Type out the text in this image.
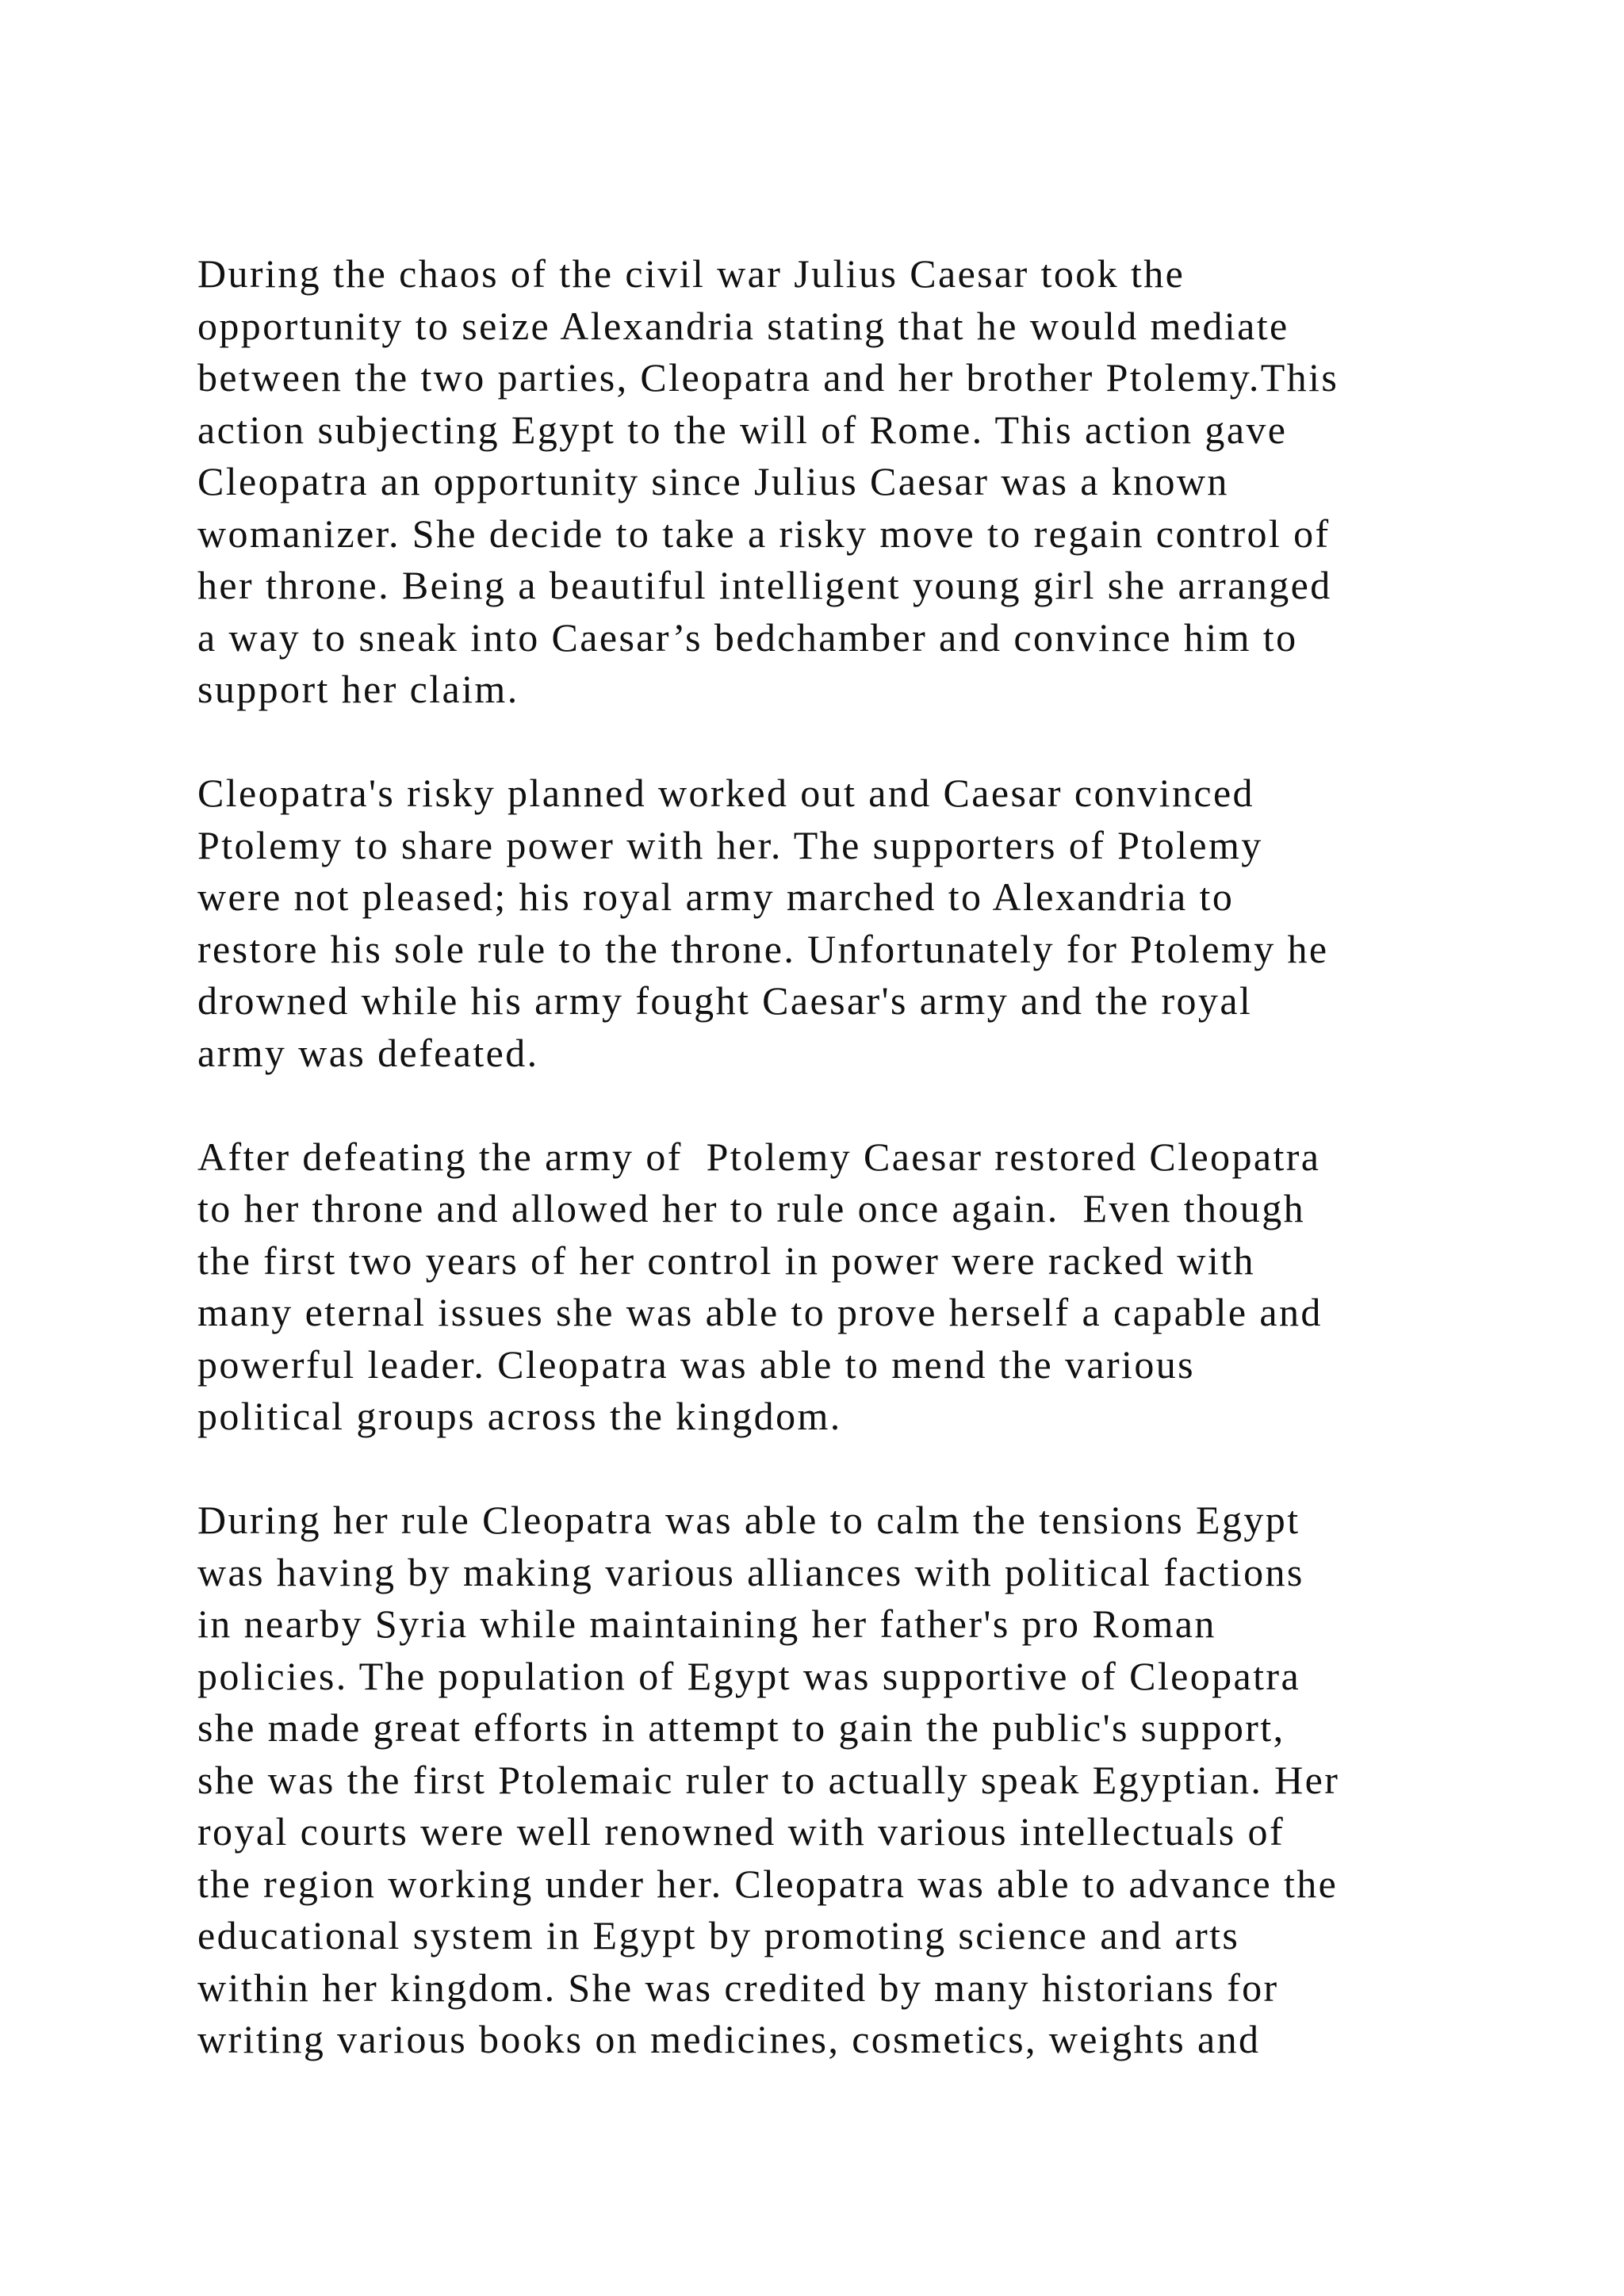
During the chaos of the civil war Julius Caesar took the
opportunity to seize Alexandria stating that he would mediate
between the two parties, Cleopatra and her brother Ptolemy.This
action subjecting Egypt to the will of Rome. This action gave
Cleopatra an opportunity since Julius Caesar was a known
womanizer. She decide to take a risky move to regain control of
her throne. Being a beautiful intelligent young girl she arranged
a way to sneak into Caesar’s bedchamber and convince him to
support her claim.

Cleopatra's risky planned worked out and Caesar convinced
Ptolemy to share power with her. The supporters of Ptolemy
were not pleased; his royal army marched to Alexandria to
restore his sole rule to the throne. Unfortunately for Ptolemy he
drowned while his army fought Caesar's army and the royal
army was defeated.

After defeating the army of  Ptolemy Caesar restored Cleopatra
to her throne and allowed her to rule once again.  Even though
the first two years of her control in power were racked with
many eternal issues she was able to prove herself a capable and
powerful leader. Cleopatra was able to mend the various
political groups across the kingdom.

During her rule Cleopatra was able to calm the tensions Egypt
was having by making various alliances with political factions
in nearby Syria while maintaining her father's pro Roman
policies. The population of Egypt was supportive of Cleopatra
she made great efforts in attempt to gain the public's support,
she was the first Ptolemaic ruler to actually speak Egyptian. Her
royal courts were well renowned with various intellectuals of
the region working under her. Cleopatra was able to advance the
educational system in Egypt by promoting science and arts
within her kingdom. She was credited by many historians for
writing various books on medicines, cosmetics, weights and
